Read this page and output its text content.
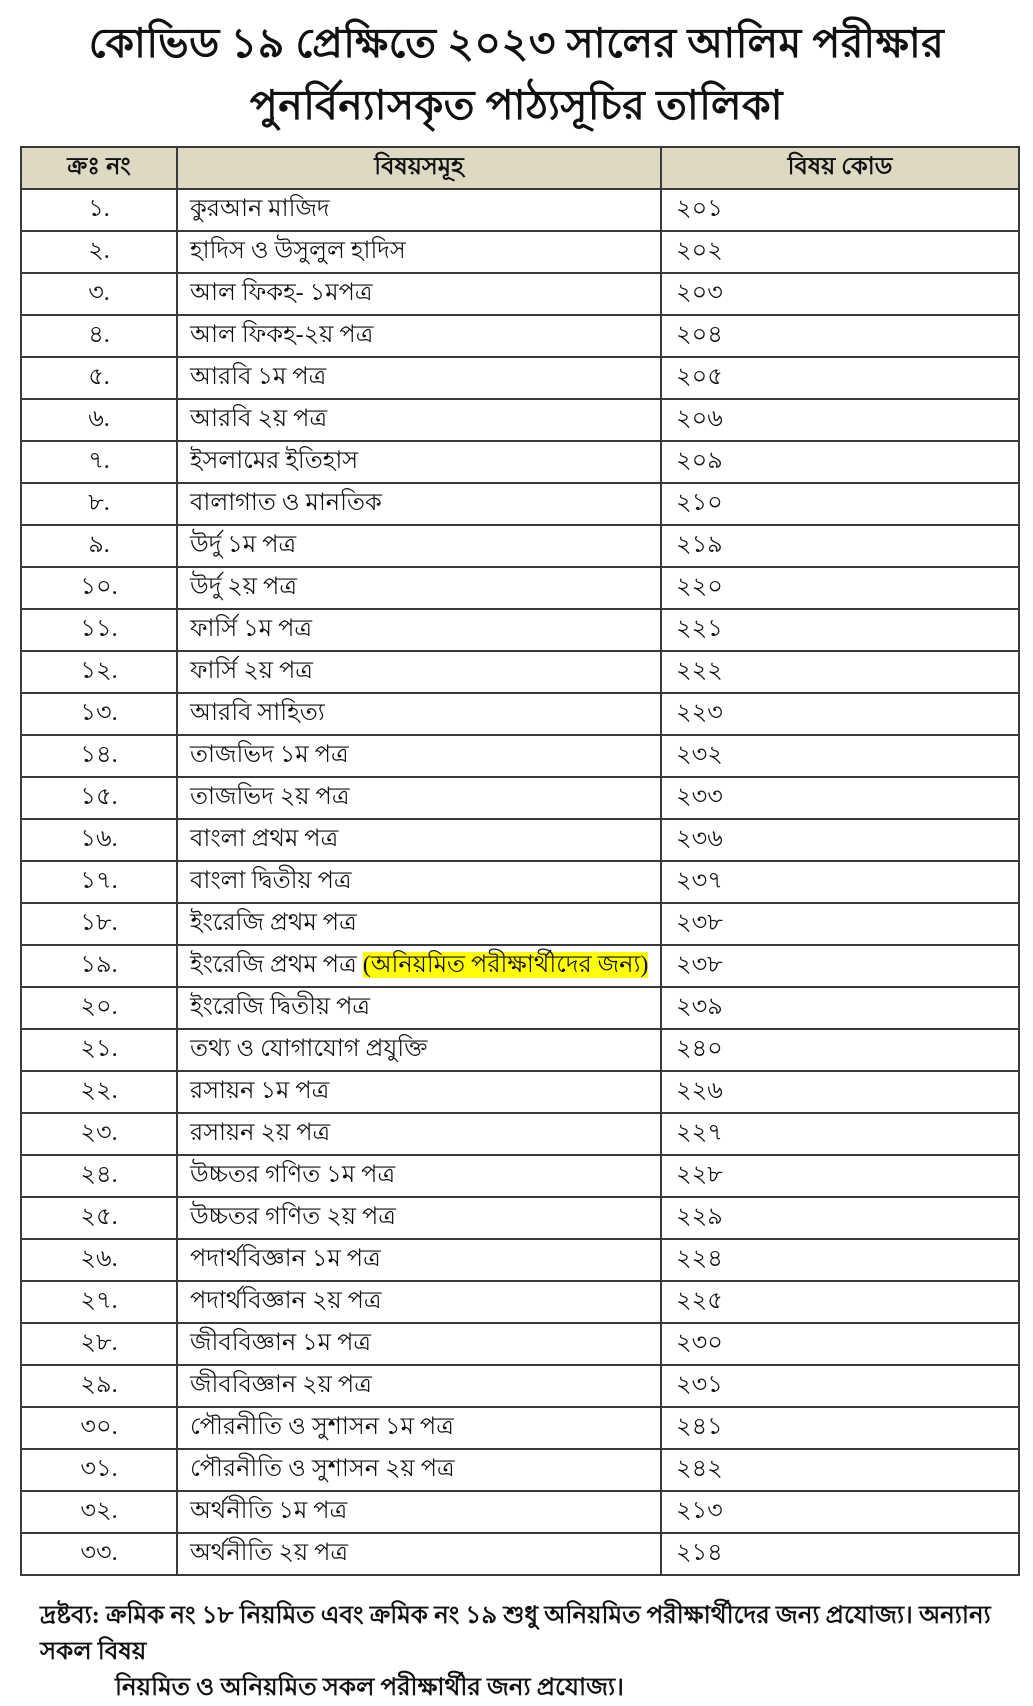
কোভিড ১৯ প্রেক্ষিতে ২০২৩ সালের আলিম পরীক্ষার
পুনর্বিন্যাসকৃত পাঠ্যসূচির তালিকা
ক্রঃ নং	বিষয়সমূহ	বিষয় কোড
১.	কুরআন মাজিদ	২০১
২.	হাদিস ও উসুলুল হাদিস	২০২
৩.	আল ফিকহ- ১মপত্র	২০৩
৪.	আল ফিকহ-২য় পত্র	২০৪
৫.	আরবি ১ম পত্র	২০৫
৬.	আরবি ২য় পত্র	২০৬
৭.	ইসলামের ইতিহাস	২০৯
৮.	বালাগাত ও মানতিক	২১০
৯.	উর্দু ১ম পত্র	২১৯
১০.	উর্দু ২য় পত্র	২২০
১১.	ফার্সি ১ম পত্র	২২১
১২.	ফার্সি ২য় পত্র	২২২
১৩.	আরবি সাহিত্য	২২৩
১৪.	তাজভিদ ১ম পত্র	২৩২
১৫.	তাজভিদ ২য় পত্র	২৩৩
১৬.	বাংলা প্রথম পত্র	২৩৬
১৭.	বাংলা দ্বিতীয় পত্র	২৩৭
১৮.	ইংরেজি প্রথম পত্র	২৩৮
১৯.	ইংরেজি প্রথম পত্র (অনিয়মিত পরীক্ষার্থীদের জন্য)	২৩৮
২০.	ইংরেজি দ্বিতীয় পত্র	২৩৯
২১.	তথ্য ও যোগাযোগ প্রযুক্তি	২৪০
২২.	রসায়ন ১ম পত্র	২২৬
২৩.	রসায়ন ২য় পত্র	২২৭
২৪.	উচ্চতর গণিত ১ম পত্র	২২৮
২৫.	উচ্চতর গণিত ২য় পত্র	২২৯
২৬.	পদার্থবিজ্ঞান ১ম পত্র	২২৪
২৭.	পদার্থবিজ্ঞান ২য় পত্র	২২৫
২৮.	জীববিজ্ঞান ১ম পত্র	২৩০
২৯.	জীববিজ্ঞান ২য় পত্র	২৩১
৩০.	পৌরনীতি ও সুশাসন ১ম পত্র	২৪১
৩১.	পৌরনীতি ও সুশাসন ২য় পত্র	২৪২
৩২.	অর্থনীতি ১ম পত্র	২১৩
৩৩.	অর্থনীতি ২য় পত্র	২১৪
দ্রষ্টব্য: ক্রমিক নং ১৮ নিয়মিত এবং ক্রমিক নং ১৯ শুধু অনিয়মিত পরীক্ষার্থীদের জন্য প্রযোজ্য। অন্যান্য সকল বিষয়
নিয়মিত ও অনিয়মিত সকল পরীক্ষার্থীর জন্য প্রযোজ্য।
